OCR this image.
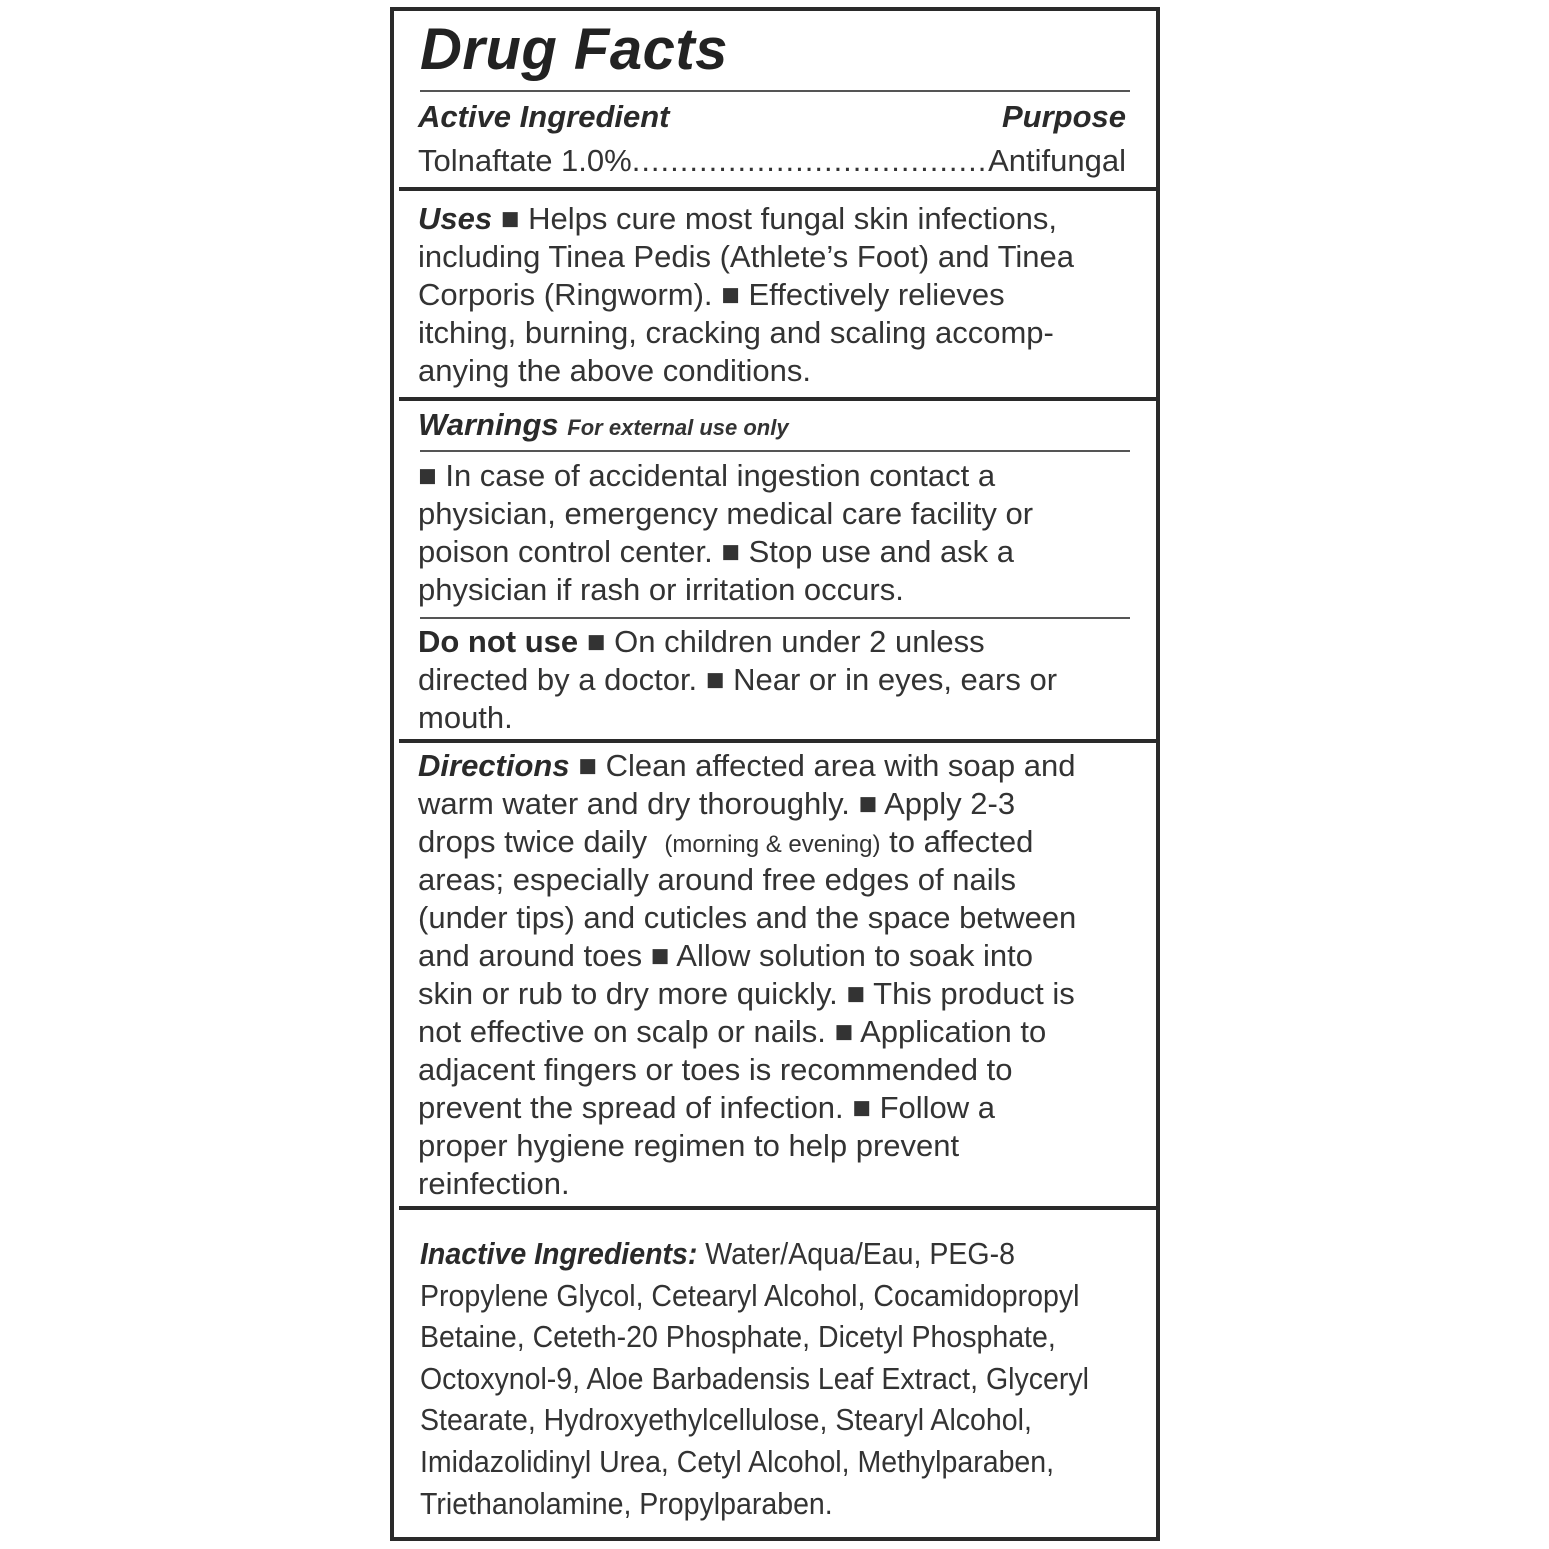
Drug Facts
Active Ingredient	Purpose
Tolnaftate 1.0%
.....	Antifungal
Uses ■ Helps cure most fungal skin infections,
including Tinea Pedis (Athlete’s Foot) and Tinea
Corporis (Ringworm). ■ Effectively relieves
itching, burning, cracking and scaling accomp-
anying the above conditions.
Warnings For external use only
■ In case of accidental ingestion contact a
physician, emergency medical care facility or
poison control center. ■ Stop use and ask a
physician if rash or irritation occurs.
Do not use ■ On children under 2 unless
directed by a doctor. ■ Near or in eyes, ears or
mouth.
Directions ■ Clean affected area with soap and
warm water and dry thoroughly. ■ Apply 2-3
drops twice daily (morning & evening) to affected
areas; especially around free edges of nails
(under tips) and cuticles and the space between
and around toes ■ Allow solution to soak into
skin or rub to dry more quickly. ■ This product is
not effective on scalp or nails. ■ Application to
adjacent fingers or toes is recommended to
prevent the spread of infection. ■ Follow a
proper hygiene regimen to help prevent
reinfection.
Inactive Ingredients: Water/Aqua/Eau, PEG-8
Propylene Glycol, Cetearyl Alcohol, Cocamidopropyl
Betaine, Ceteth-20 Phosphate, Dicetyl Phosphate,
Octoxynol-9, Aloe Barbadensis Leaf Extract, Glyceryl
Stearate, Hydroxyethylcellulose, Stearyl Alcohol,
Imidazolidinyl Urea, Cetyl Alcohol, Methylparaben,
Triethanolamine, Propylparaben.
